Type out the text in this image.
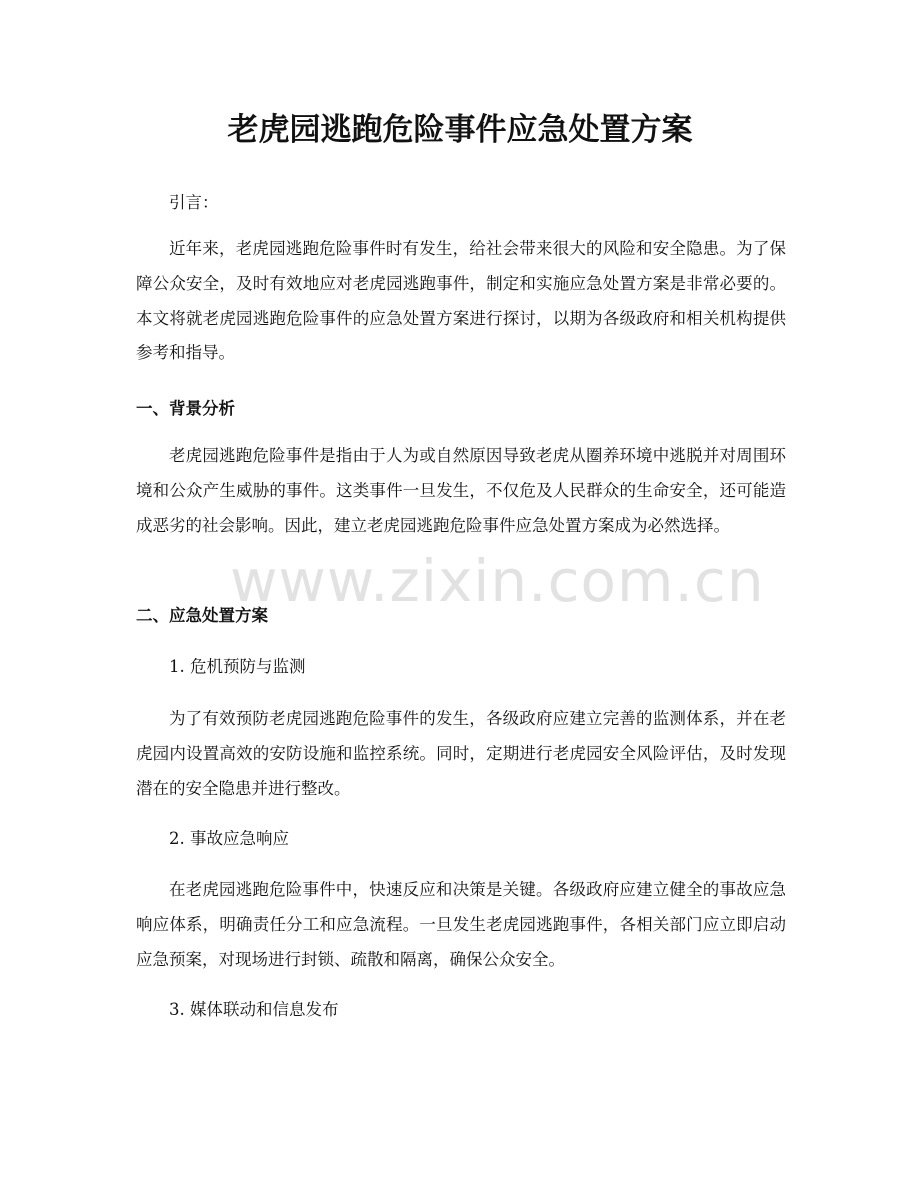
老虎园逃跑危险事件应急处置方案

引言：

近年来，老虎园逃跑危险事件时有发生，给社会带来很大的风险和安全隐患。为了保障公众安全，及时有效地应对老虎园逃跑事件，制定和实施应急处置方案是非常必要的。本文将就老虎园逃跑危险事件的应急处置方案进行探讨，以期为各级政府和相关机构提供参考和指导。

一、背景分析

老虎园逃跑危险事件是指由于人为或自然原因导致老虎从圈养环境中逃脱并对周围环境和公众产生威胁的事件。这类事件一旦发生，不仅危及人民群众的生命安全，还可能造成恶劣的社会影响。因此，建立老虎园逃跑危险事件应急处置方案成为必然选择。

二、应急处置方案

1. 危机预防与监测

为了有效预防老虎园逃跑危险事件的发生，各级政府应建立完善的监测体系，并在老虎园内设置高效的安防设施和监控系统。同时，定期进行老虎园安全风险评估，及时发现潜在的安全隐患并进行整改。

2. 事故应急响应

在老虎园逃跑危险事件中，快速反应和决策是关键。各级政府应建立健全的事故应急响应体系，明确责任分工和应急流程。一旦发生老虎园逃跑事件，各相关部门应立即启动应急预案，对现场进行封锁、疏散和隔离，确保公众安全。

3. 媒体联动和信息发布

www.zixin.com.cn
